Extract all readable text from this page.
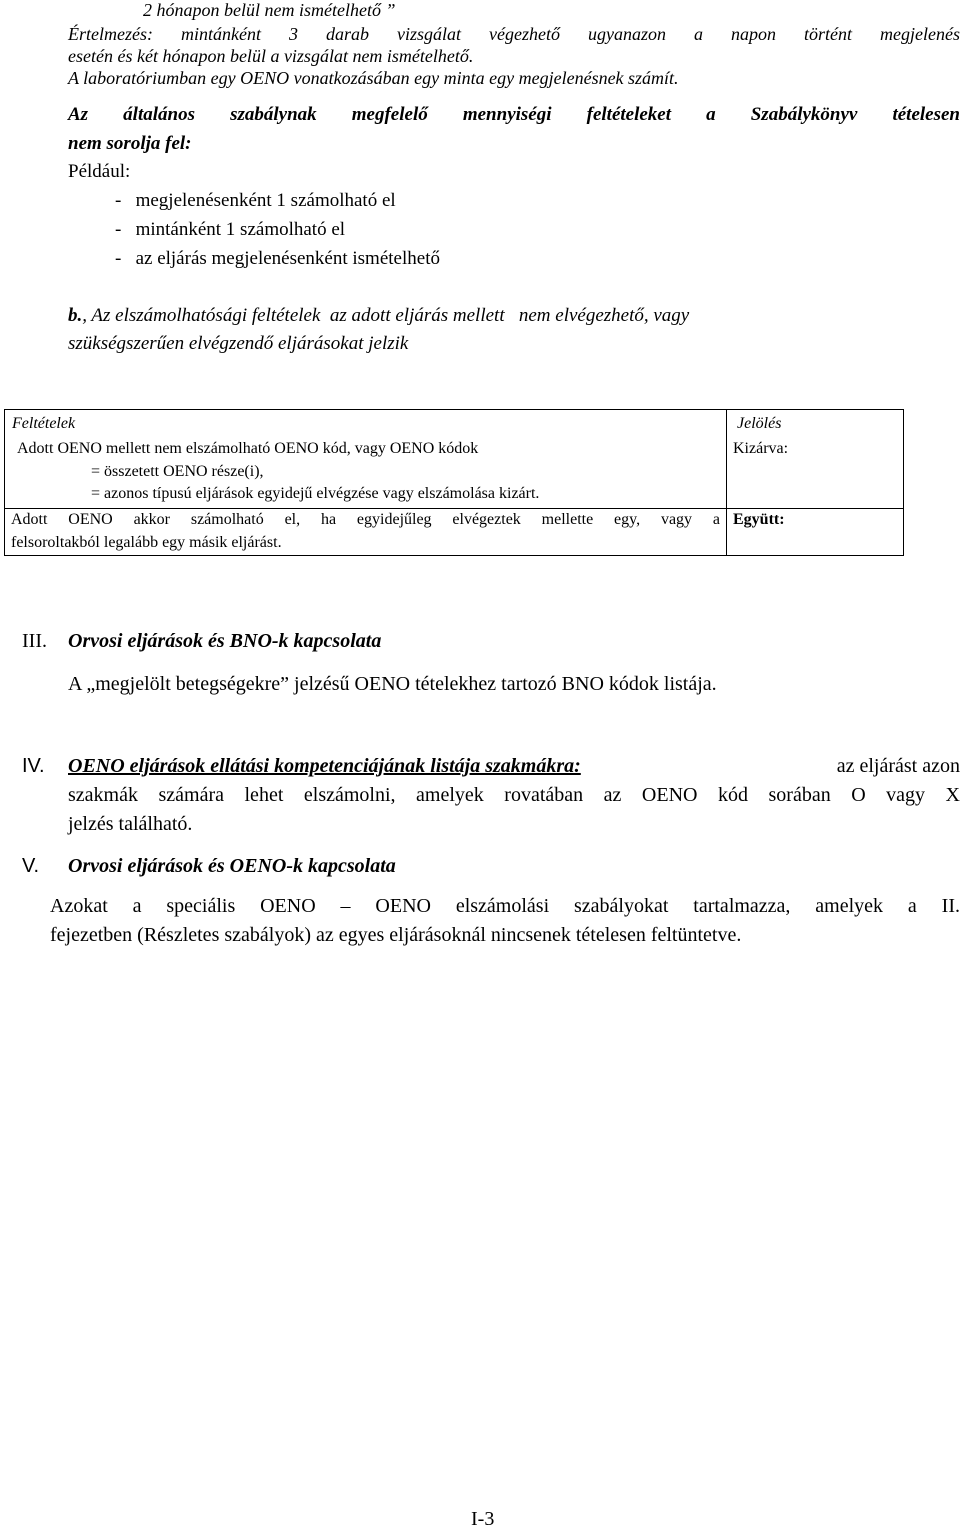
2 hónapon belül nem ismételhető ”
Értelmezés: mintánként 3 darab vizsgálat végezhető ugyanazon a napon történt megjelenés
esetén és két hónapon belül a vizsgálat nem ismételhető.
A laboratóriumban egy OENO vonatkozásában egy minta egy megjelenésnek számít.
Az általános szabálynak megfelelő mennyiségi feltételeket a Szabálykönyv tételesen
nem sorolja fel:
Például:
-   megjelenésenként 1 számolható el
-   mintánként 1 számolható el
-   az eljárás megjelenésenként ismételhető
b., Az elszámolhatósági feltételek  az adott eljárás mellett   nem elvégezhető, vagy
szükségszerűen elvégzendő eljárásokat jelzik
Feltételek	Jelölés
Adott OENO mellett nem elszámolható OENO kód, vagy OENO kódok
= összetett OENO része(i),
= azonos típusú eljárások egyidejű elvégzése vagy elszámolása kizárt.
Kizárva:
Adott OENO akkor számolható el, ha egyidejűleg elvégeztek mellette egy, vagy a
felsoroltakból legalább egy másik eljárást.
Együtt:
III. Orvosi eljárások és BNO-k kapcsolata
A „megjelölt betegségekre” jelzésű OENO tételekhez tartozó BNO kódok listája.
IV. OENO eljárások ellátási kompetenciájának listája szakmákra:	az eljárást azon
szakmák számára lehet elszámolni, amelyek rovatában az OENO kód sorában O vagy X
jelzés található.
V. Orvosi eljárások és OENO-k kapcsolata
Azokat a speciális OENO – OENO elszámolási szabályokat tartalmazza, amelyek a II.
fejezetben (Részletes szabályok) az egyes eljárásoknál nincsenek tételesen feltüntetve.
I-3
